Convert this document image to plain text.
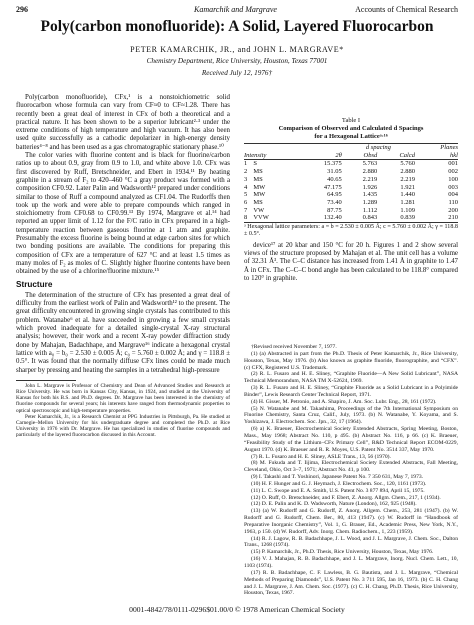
296	Kamarchik and Margrave	Accounts of Chemical Research
Poly(carbon monofluoride): A Solid, Layered Fluorocarbon
PETER KAMARCHIK, JR., and JOHN L. MARGRAVE*
Chemistry Department, Rice University, Houston, Texas 77001
Received July 12, 1976†

Poly(carbon monofluoride), CFx,¹ is a nonstoichiometric solid fluorocarbon whose formula can vary from CF≈0 to CF≈1.28. There has recently been a great deal of interest in CFx of both a theoretical and a practical nature. It has been shown to be a superior lubricant²·³ under the extreme conditions of high temperature and high vacuum. It has also been used quite successfully as a cathodic depolarizer in high-energy density batteries⁴⁻⁸ and has been used as a gas chromatographic stationary phase.¹⁰

The color varies with fluorine content and is black for fluorine/carbon ratios up to about 0.9, gray from 0.9 to 1.0, and white above 1.0. CFx was first discovered by Ruff, Bretschneider, and Ebert in 1934.¹¹ By heating graphite in a stream of F₂ to 420–460 °C a gray product was formed with a composition CF0.92. Later Palin and Wadsworth¹² prepared under conditions similar to those of Ruff a compound analyzed as CF1.04. The Rudorffs then took up the work and were able to prepare compounds which ranged in stoichiometry from CF0.68 to CF0.99.¹³ By 1974, Margrave et al.¹⁴ had reported an upper limit of 1.12 for the F/C ratio in CFx prepared in a high-temperature reaction between gaseous fluorine at 1 atm and graphite. Presumably the excess fluorine is being bound at edge carbon sites for which two bonding positions are available. The conditions for preparing this composition of CFx are a temperature of 627 °C and at least 1.5 times as many moles of F₂ as moles of C. Slightly higher fluorine contents have been obtained by the use of a chlorine/fluorine mixture.¹⁵

Structure

The determination of the structure of CFx has presented a great deal of difficulty from the earliest work of Palin and Wadsworth¹² to the present. The great difficulty encountered in growing single crystals has contributed to this problem. Watanabe⁶ et al. have succeeded in growing a few small crystals which proved inadequate for a detailed single-crystal X-ray structural analysis; however, their work and a recent X-ray powder diffraction study done by Mahajan, Badachhape, and Margrave¹⁶ indicate a hexagonal crystal lattice with a₀ = b₀ = 2.530 ± 0.005 Å; c₀ = 5.760 ± 0.002 Å; and γ = 118.8 ± 0.5°. It was found that the normally diffuse CFx lines could be made much sharper by pressing and heating the samples in a tetrahedral high-pressure

John L. Margrave is Professor of Chemistry and Dean of Advanced Studies and Research at Rice University. He was born in Kansas City, Kansas, in 1924, and studied at the University of Kansas for both his B.S. and Ph.D. degrees. Dr. Margrave has been interested in the chemistry of fluorine compounds for several years; his interests have ranged from thermodynamic properties to optical spectroscopic and high-temperature properties.

Peter Kamarchik, Jr., is a Research Chemist at PPG Industries in Pittsburgh, Pa. He studied at Carnegie–Mellon University for his undergraduate degree and completed the Ph.D. at Rice University in 1976 with Dr. Margrave. He has specialized in studies of fluorine compounds and particularly of the layered fluorocarbon discussed in this Account.

Table I
Comparison of Observed and Calculated d Spacings
for a Hexagonal Latticeᵃ·¹⁶
			d spacing		Planes
Intensity		2θ	Obsd	Calcd	hkl
1	S	15.375	5.763	5.760	001
2	MS	31.05	2.880	2.880	002
3	MS	40.65	2.219	2.219	100
4	MW	47.175	1.926	1.921	003
5	MW	64.95	1.435	1.440	004
6	MS	73.40	1.289	1.281	110
7	VW	87.75	1.112	1.109	200
8	VVW	132.40	0.843	0.839	210

ᵃ Hexagonal lattice parameters: a = b = 2.530 ± 0.005 Å; c = 5.760 ± 0.002 Å; γ = 118.8 ± 0.5°.

device¹⁷ at 20 kbar and 150 °C for 20 h. Figures 1 and 2 show several views of the structure proposed by Mahajan et al. The unit cell has a volume of 32.31 Å³. The C–C distance has increased from 1.41 Å in graphite to 1.47 Å in CFx. The C–C–C bond angle has been calculated to be 118.8° compared to 120° in graphite.

†Revised received November 7, 1977.

(1) (a) Abstracted in part from the Ph.D. Thesis of Peter Kamarchik, Jr., Rice University, Houston, Texas, May 1976. (b) Also known as graphite fluoride, fluorographite, and “CFX”. (c) CFX, Registered U.S. Trademark.

(2) R. L. Fusaro and H. E. Sliney, “Graphite Fluoride—A New Solid Lubricant”, NASA Technical Memorandum, NASA TM X-52624, 1969.

(3) R. L. Fusaro and H. E. Sliney, “Graphite Fluoride as a Solid Lubricant in a Polyimide Binder”, Lewis Research Center Technical Report, 1971.

(4) H. Gisser, M. Petronio, and A. Shapiro, J. Am. Soc. Lubr. Eng., 28, 161 (1972).

(5) N. Watanabe and M. Takashima, Proceedings of the 7th International Symposium on Fluorine Chemistry, Santa Cruz, Calif., July, 1973. (b) N. Watanabe, Y. Koyama, and S. Yoshizawa, J. Electrochem. Soc. Jpn., 32, 17 (1964).

(6) a) K. Braeuer, Electrochemical Society Extended Abstracts, Spring Meeting, Boston, Mass., May 1968; Abstract No. 110, p 495. (b) Abstract No. 116, p 66. (c) K. Braeuer, “Feasibility Study of the Lithium–CFx Primary Cell”, R&D Technical Report ECOM-0229, August 1970. (d) K. Braeuer and R. R. Moyes, U.S. Patent No. 3514 337, May 1970.

(7) R. L. Fusaro and H. E. Sliney, ASLE Trans., 13, 56 (1970).

(8) M. Fukuda and T. Iijima, Electrochemical Society Extended Abstracts, Fall Meeting, Cleveland, Ohio, Oct 3–7, 1971; Abstract No. 41, p 100.

(9) I. Takashi and T. Yoshinori, Japanese Patent No. 7 350 631, May 7, 1973.

(10) H. F. Hunger and G. J. Heymach, J. Electrochem. Soc., 120, 1161 (1973).

(11) L. C. Swope and E. A. Smith, U.S. Patent No. 3 877 894, April 15, 1975.

(12) O. Ruff, O. Bretschneider, and F. Ebert, Z. Anorg. Allgm. Chem., 217, 1 (1934).

(12) D. E. Palin and K. D. Wadsworth, Nature (London), 162, 925 (1948).

(13) (a) W. Rudorff and G. Rudorff, Z. Anorg. Allgem. Chem., 253, 281 (1947). (b) W. Rudorff and G. Rudorff, Chem. Ber., 80, 413 (1947). (c) W. Rudorff in “Handbook of Preparative Inorganic Chemistry”, Vol. 1, G. Brauer, Ed., Academic Press, New York, N.Y., 1963, p 150. (d) W. Rudorff, Adv. Inorg. Chem. Radiochem., 1, 223 (1959).

(14) R. J. Lagow, R. B. Badachhape, J. L. Wood, and J. L. Margrave, J. Chem. Soc., Dalton Trans., 1268 (1974).

(15) P. Kamarchik, Jr., Ph.D. Thesis, Rice University, Houston, Texas, May 1976.

(16) V. J. Mahajan, R. B. Badachhape, and J. L. Margrave, Inorg. Nucl. Chem. Lett., 10, 1103 (1974).

(17) R. B. Badachhape, C. F. Lawless, B. G. Bautista, and J. L. Margrave, “Chemical Methods of Preparing Diamonds”, U.S. Patent No. 3 711 595, Jan 16, 1973. (b) C. H. Chang and J. L. Margrave, J. Am. Chem. Soc. (1977). (c) C. H. Chang, Ph.D. Thesis, Rice University, Houston, Texas, 1967.

0001-4842/78/0111-0296$01.00/0 © 1978 American Chemical Society
